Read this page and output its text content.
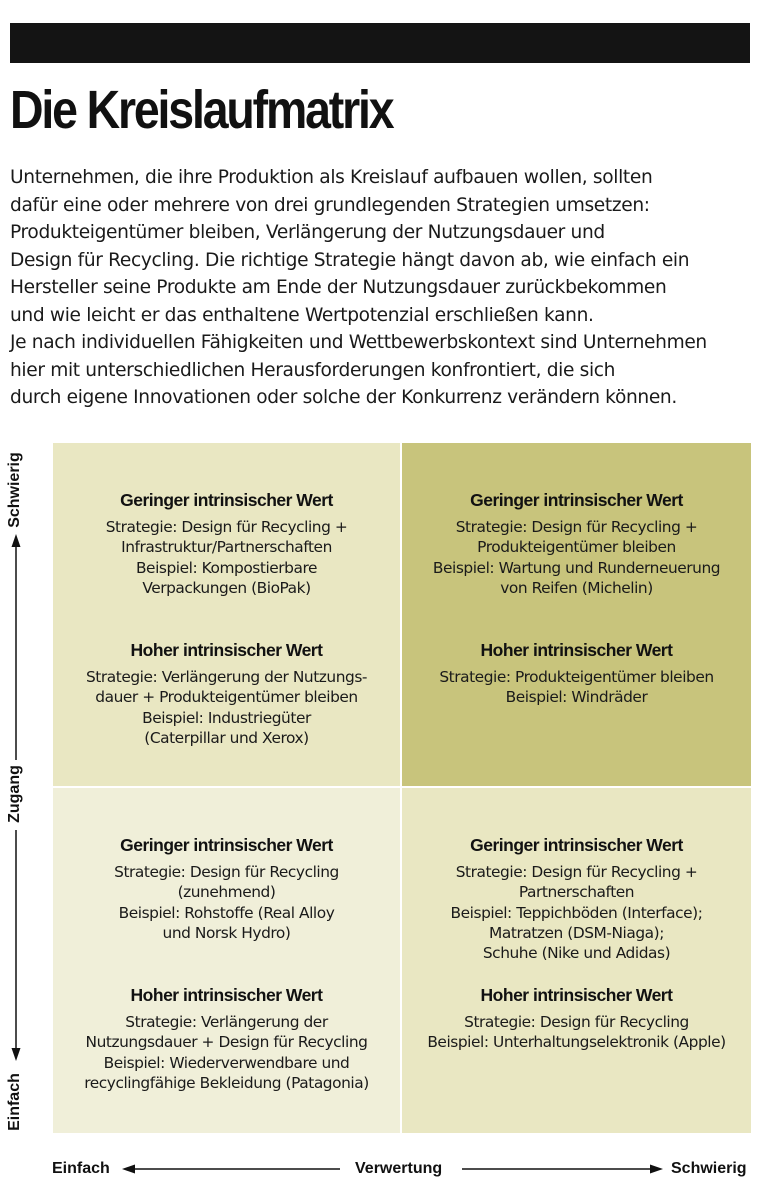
Die Kreislaufmatrix

Unternehmen, die ihre Produktion als Kreislauf aufbauen wollen, sollten

dafür eine oder mehrere von drei grundlegenden Strategien umsetzen:

Produkteigentümer bleiben, Verlängerung der Nutzungsdauer und

Design für Recycling. Die richtige Strategie hängt davon ab, wie einfach ein

Hersteller seine Produkte am Ende der Nutzungsdauer zurückbekommen

und wie leicht er das enthaltene Wertpotenzial erschließen kann.

Je nach individuellen Fähigkeiten und Wettbewerbskontext sind Unternehmen

hier mit unterschiedlichen Herausforderungen konfrontiert, die sich

durch eigene Innovationen oder solche der Konkurrenz verändern können.

Geringer intrinsischer Wert
Strategie: Design für Recycling +
Infrastruktur/Partnerschaften
Beispiel: Kompostierbare
Verpackungen (BioPak)
Hoher intrinsischer Wert
Strategie: Verlängerung der Nutzungs-
dauer + Produkteigentümer bleiben
Beispiel: Industriegüter
(Caterpillar und Xerox)
Geringer intrinsischer Wert
Strategie: Design für Recycling +
Produkteigentümer bleiben
Beispiel: Wartung und Runderneuerung
von Reifen (Michelin)
Hoher intrinsischer Wert
Strategie: Produkteigentümer bleiben
Beispiel: Windräder
Geringer intrinsischer Wert
Strategie: Design für Recycling
(zunehmend)
Beispiel: Rohstoffe (Real Alloy
und Norsk Hydro)
Hoher intrinsischer Wert
Strategie: Verlängerung der
Nutzungsdauer + Design für Recycling
Beispiel: Wiederverwendbare und
recyclingfähige Bekleidung (Patagonia)
Geringer intrinsischer Wert
Strategie: Design für Recycling +
Partnerschaften
Beispiel: Teppichböden (Interface);
Matratzen (DSM-Niaga);
Schuhe (Nike und Adidas)
Hoher intrinsischer Wert
Strategie: Design für Recycling
Beispiel: Unterhaltungselektronik (Apple)
Schwierig
Zugang
Einfach
Einfach	Verwertung	Schwierig
